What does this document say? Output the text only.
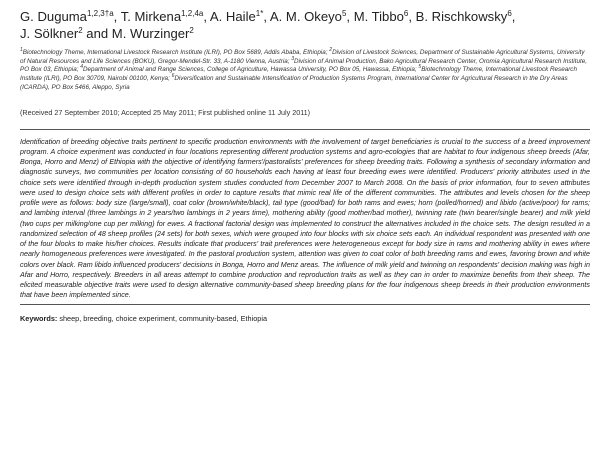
G. Duguma$^{1,2,3\dagger a}$, T. Mirkena$^{1,2,4a}$, A. Haile$^{1*}$, A. M. Okeyo$^5$, M. Tibbo$^6$, B. Rischkowsky$^6$,
J. Sölkner$^2$ and M. Wurzinger$^2$
$^1$Biotechnology Theme, International Livestock Research Institute (ILRI), PO Box 5689, Addis Ababa, Ethiopia; $^2$Division of Livestock Sciences, Department of Sustainable Agricultural Systems, University of Natural Resources and Life Sciences (BOKU), Gregor-Mendel-Str. 33, A-1180 Vienna, Austria; $^3$Division of Animal Production, Bako Agricultural Research Center, Oromia Agricultural Research Institute, PO Box 03, Ethiopia; $^4$Department of Animal and Range Sciences, College of Agriculture, Hawassa University, PO Box 05, Hawassa, Ethiopia; $^5$Biotechnology Theme, International Livestock Research Institute (ILRI), PO Box 30709, Nairobi 00100, Kenya; $^6$Diversification and Sustainable Intensification of Production Systems Program, International Center for Agricultural Research in the Dry Areas (ICARDA), PO Box 5466, Aleppo, Syria
(Received 27 September 2010; Accepted 25 May 2011; First published online 11 July 2011)
Identification of breeding objective traits pertinent to specific production environments with the involvement of target beneficiaries is crucial to the success of a breed improvement program. A choice experiment was conducted in four locations representing different production systems and agro-ecologies that are habitat to four indigenous sheep breeds (Afar, Bonga, Horro and Menz) of Ethiopia with the objective of identifying farmers'/pastoralists' preferences for sheep breeding traits. Following a synthesis of secondary information and diagnostic surveys, two communities per location consisting of 60 households each having at least four breeding ewes were identified. Producers' priority attributes used in the choice sets were identified through in-depth production system studies conducted from December 2007 to March 2008. On the basis of prior information, four to seven attributes were used to design choice sets with different profiles in order to capture results that mimic real life of the different communities. The attributes and levels chosen for the sheep profile were as follows: body size (large/small), coat color (brown/white/black), tail type (good/bad) for both rams and ewes; horn (polled/horned) and libido (active/poor) for rams; and lambing interval (three lambings in 2 years/two lambings in 2 years time), mothering ability (good mother/bad mother), twinning rate (twin bearer/single bearer) and milk yield (two cups per milking/one cup per milking) for ewes. A fractional factorial design was implemented to construct the alternatives included in the choice sets. The design resulted in a randomized selection of 48 sheep profiles (24 sets) for both sexes, which were grouped into four blocks with six choice sets each. An individual respondent was presented with one of the four blocks to make his/her choices. Results indicate that producers' trait preferences were heterogeneous except for body size in rams and mothering ability in ewes where nearly homogeneous preferences were investigated. In the pastoral production system, attention was given to coat color of both breeding rams and ewes, favoring brown and white colors over black. Ram libido influenced producers' decisions in Bonga, Horro and Menz areas. The influence of milk yield and twinning on respondents' decision making was high in Afar and Horro, respectively. Breeders in all areas attempt to combine production and reproduction traits as well as they can in order to maximize benefits from their sheep. The elicited measurable objective traits were used to design alternative community-based sheep breeding plans for the four indigenous sheep breeds in their production environments that have been implemented since.
Keywords: sheep, breeding, choice experiment, community-based, Ethiopia
